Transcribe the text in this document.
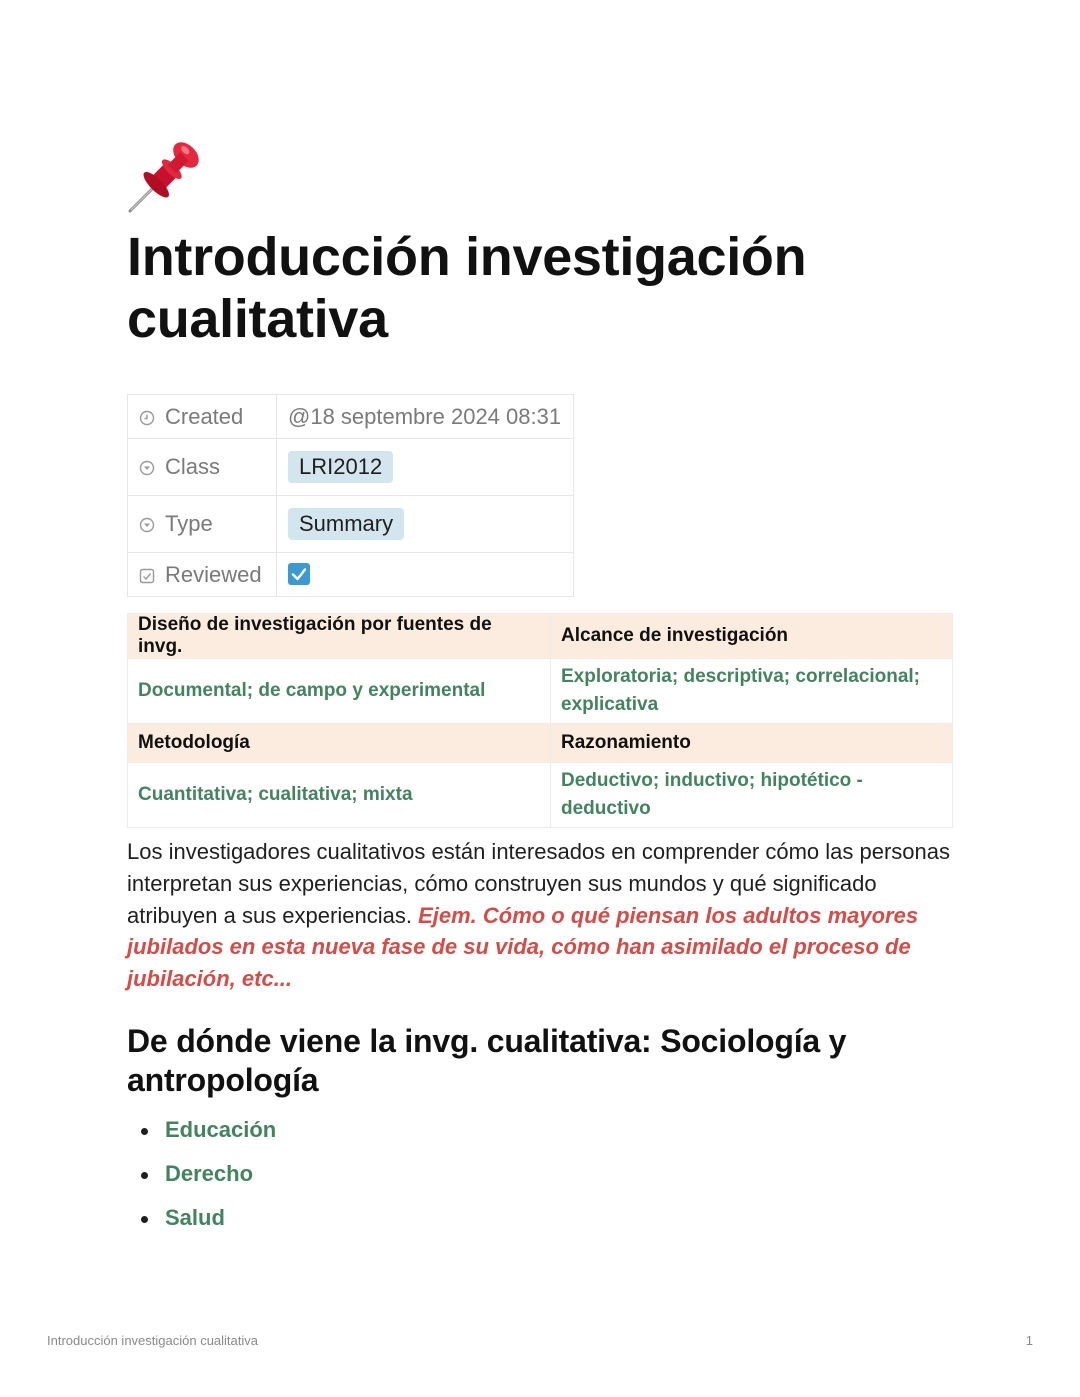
Introducción investigación cualitativa
Created	@18 septembre 2024 08:31
Class	LRI2012
Type	Summary
Reviewed	
Diseño de investigación por fuentes de invg.	Alcance de investigación
Documental; de campo y experimental	Exploratoria; descriptiva; correlacional; explicativa
Metodología	Razonamiento
Cuantitativa; cualitativa; mixta	Deductivo; inductivo; hipotético - deductivo

Los investigadores cualitativos están interesados en comprender cómo las personas interpretan sus experiencias, cómo construyen sus mundos y qué significado atribuyen a sus experiencias. Ejem. Cómo o qué piensan los adultos mayores jubilados en esta nueva fase de su vida, cómo han asimilado el proceso de jubilación, etc...

De dónde viene la invg. cualitativa: Sociología y antropología
Educación
Derecho
Salud
Introducción investigación cualitativa	1
